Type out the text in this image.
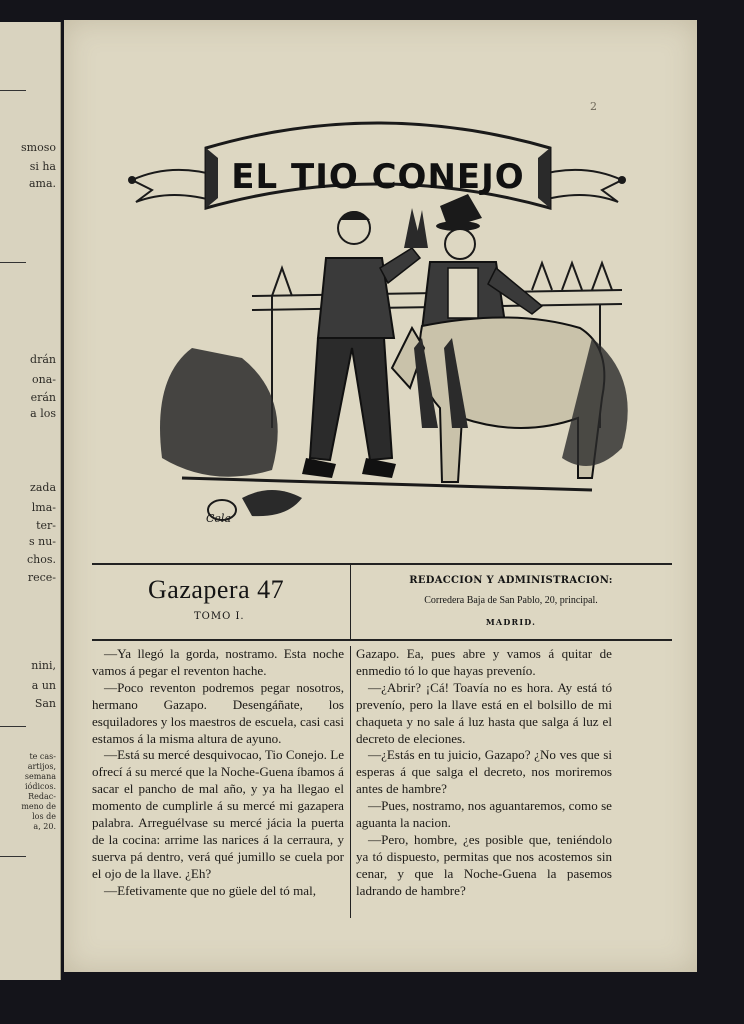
smoso
si ha
ama.
drán
ona-
erán
a los
zada
lma-
ter-
s nu-
chos.
rece-
nini,
a un
San
te cas-
artijos,
semana
iódicos.
Redac-
meno de
los de
a, 20.
2
EL TIO CONEJO
Cela
Gazapera 47
TOMO I.
REDACCION Y ADMINISTRACION:
Corredera Baja de San Pablo, 20, principal.
MADRID.

—Ya llegó la gorda, nostramo. Esta noche vamos á pegar el reventon hache.

—Poco reventon podremos pegar nosotros, hermano Gazapo. Desengáñate, los esquiladores y los maestros de escuela, casi casi estamos á la misma altura de ayuno.

—Está su mercé desquivocao, Tio Conejo. Le ofrecí á su mercé que la Noche-Guena íbamos á sacar el pancho de mal año, y ya ha llegao el momento de cumplirle á su mercé mi gazapera palabra. Arreguélvase su mercé jácia la puerta de la cocina: arrime las narices á la cerraura, y suerva pá dentro, verá qué jumillo se cuela por el ojo de la llave. ¿Eh?

—Efetivamente que no güele del tó mal,

Gazapo. Ea, pues abre y vamos á quitar de enmedio tó lo que hayas prevenío.

—¿Abrir? ¡Cá! Toavía no es hora. Ay está tó prevenío, pero la llave está en el bolsillo de mi chaqueta y no sale á luz hasta que salga á luz el decreto de eleciones.

—¿Estás en tu juicio, Gazapo? ¿No ves que si esperas á que salga el decreto, nos moriremos antes de hambre?

—Pues, nostramo, nos aguantaremos, como se aguanta la nacion.

—Pero, hombre, ¿es posible que, teniéndolo ya tó dispuesto, permitas que nos acostemos sin cenar, y que la Noche-Guena la pasemos ladrando de hambre?
